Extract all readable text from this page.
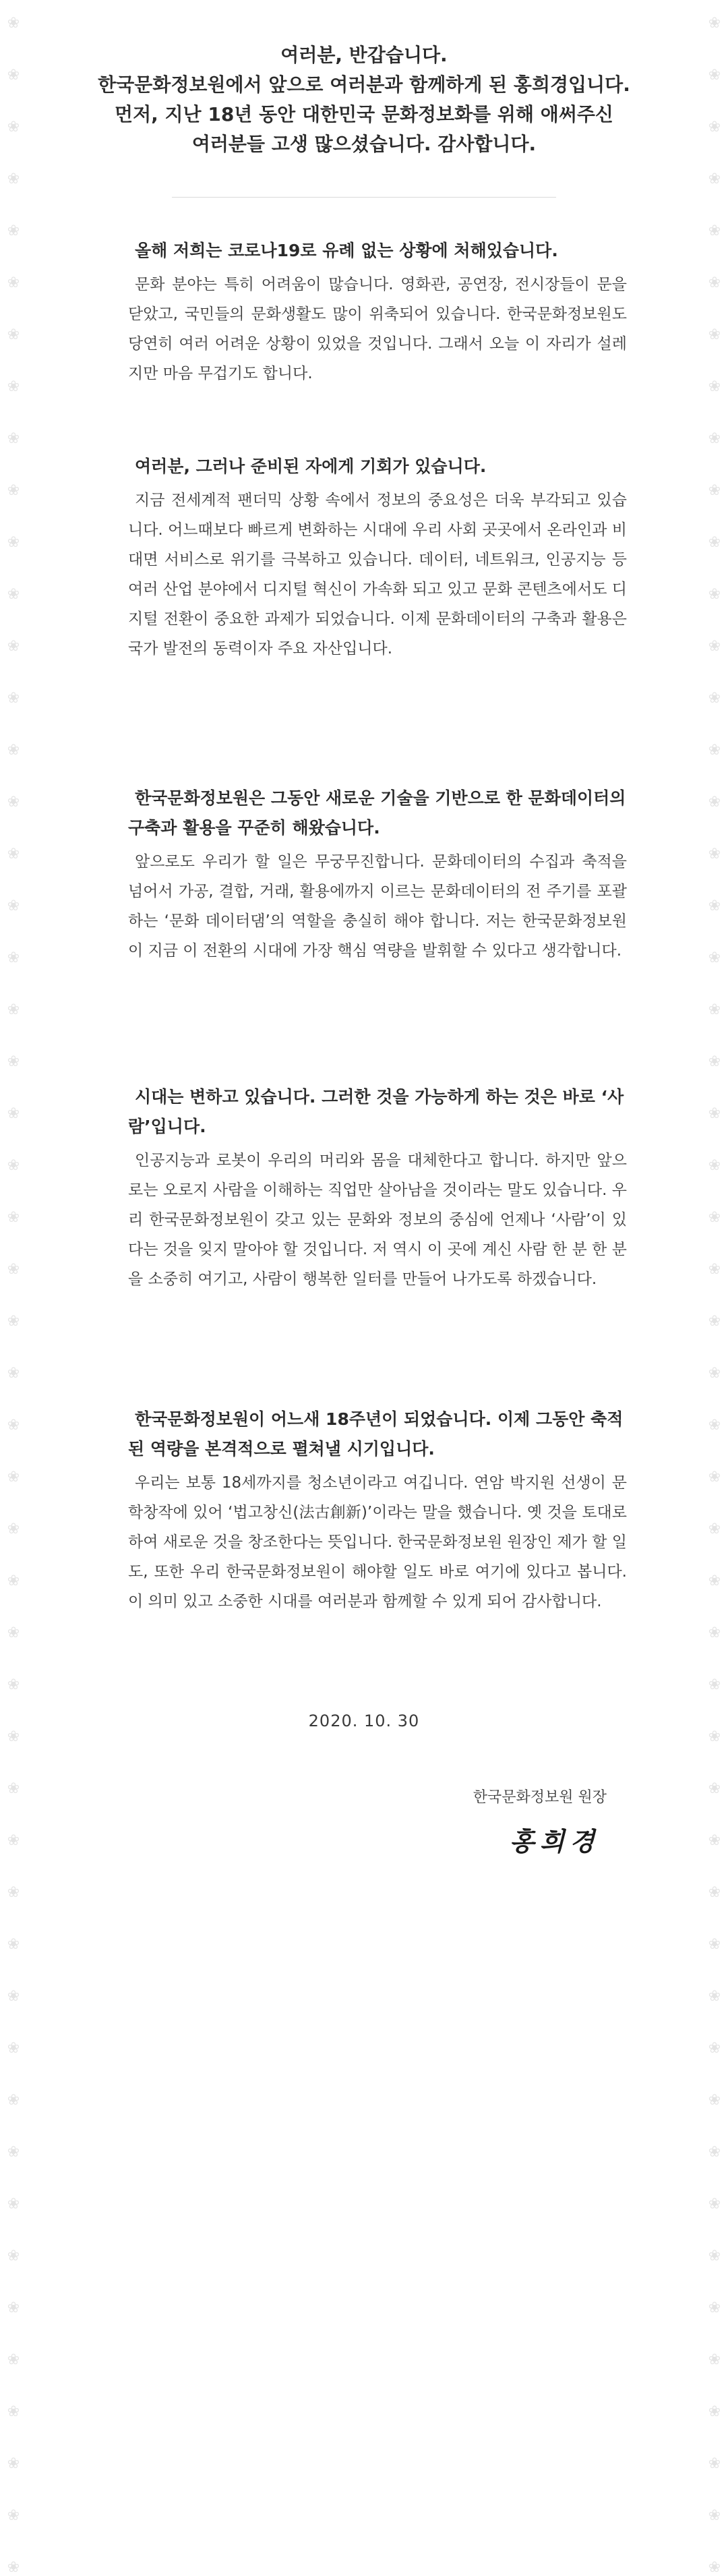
❀
❀
❀
❀
❀
❀
❀
❀
❀
❀
❀
❀
❀
❀
❀
❀
❀
❀
❀
❀
❀
❀
❀
❀
❀
❀
❀
❀
❀
❀
❀
❀
❀
❀
❀
❀
❀
❀
❀
❀
❀
❀
❀
❀
❀
❀
❀
❀
❀
❀
❀
❀
❀
❀
❀
❀
❀
❀
❀
❀
❀
❀
❀
❀
❀
❀
❀
❀
❀
❀
❀
❀
❀
❀
❀
❀
❀
❀
❀
❀
❀
❀
❀
❀
❀
❀
❀
❀
❀
❀
❀
❀
❀
❀
❀
❀
❀
❀
❀
❀

여러분, 반갑습니다.

한국문화정보원에서 앞으로 여러분과 함께하게 된 홍희경입니다.

먼저, 지난 18년 동안 대한민국 문화정보화를 위해 애써주신

여러분들 고생 많으셨습니다. 감사합니다.

올해 저희는 코로나19로 유례 없는 상황에 처해있습니다.

문화 분야는 특히 어려움이 많습니다. 영화관, 공연장, 전시장들이 문을 닫았고, 국민들의 문화생활도 많이 위축되어 있습니다. 한국문화정보원도 당연히 여러 어려운 상황이 있었을 것입니다. 그래서 오늘 이 자리가 설레지만 마음 무겁기도 합니다.

여러분, 그러나 준비된 자에게 기회가 있습니다.

지금 전세계적 팬더믹 상황 속에서 정보의 중요성은 더욱 부각되고 있습니다. 어느때보다 빠르게 변화하는 시대에 우리 사회 곳곳에서 온라인과 비대면 서비스로 위기를 극복하고 있습니다. 데이터, 네트워크, 인공지능 등 여러 산업 분야에서 디지털 혁신이 가속화 되고 있고 문화 콘텐츠에서도 디지털 전환이 중요한 과제가 되었습니다. 이제 문화데이터의 구축과 활용은 국가 발전의 동력이자 주요 자산입니다.

한국문화정보원은 그동안 새로운 기술을 기반으로 한 문화데이터의 구축과 활용을 꾸준히 해왔습니다.

앞으로도 우리가 할 일은 무궁무진합니다. 문화데이터의 수집과 축적을 넘어서 가공, 결합, 거래, 활용에까지 이르는 문화데이터의 전 주기를 포괄하는 ‘문화 데이터댐’의 역할을 충실히 해야 합니다. 저는 한국문화정보원이 지금 이 전환의 시대에 가장 핵심 역량을 발휘할 수 있다고 생각합니다.

시대는 변하고 있습니다. 그러한 것을 가능하게 하는 것은 바로 ‘사람’입니다.

인공지능과 로봇이 우리의 머리와 몸을 대체한다고 합니다. 하지만 앞으로는 오로지 사람을 이해하는 직업만 살아남을 것이라는 말도 있습니다. 우리 한국문화정보원이 갖고 있는 문화와 정보의 중심에 언제나 ‘사람’이 있다는 것을 잊지 말아야 할 것입니다. 저 역시 이 곳에 계신 사람 한 분 한 분을 소중히 여기고, 사람이 행복한 일터를 만들어 나가도록 하겠습니다.

한국문화정보원이 어느새 18주년이 되었습니다. 이제 그동안 축적된 역량을 본격적으로 펼쳐낼 시기입니다.

우리는 보통 18세까지를 청소년이라고 여깁니다. 연암 박지원 선생이 문학창작에 있어 ‘법고창신(法古創新)’이라는 말을 했습니다. 옛 것을 토대로 하여 새로운 것을 창조한다는 뜻입니다. 한국문화정보원 원장인 제가 할 일도, 또한 우리 한국문화정보원이 해야할 일도 바로 여기에 있다고 봅니다. 이 의미 있고 소중한 시대를 여러분과 함께할 수 있게 되어 감사합니다.

2020. 10. 30
한국문화정보원 원장
홍희경
